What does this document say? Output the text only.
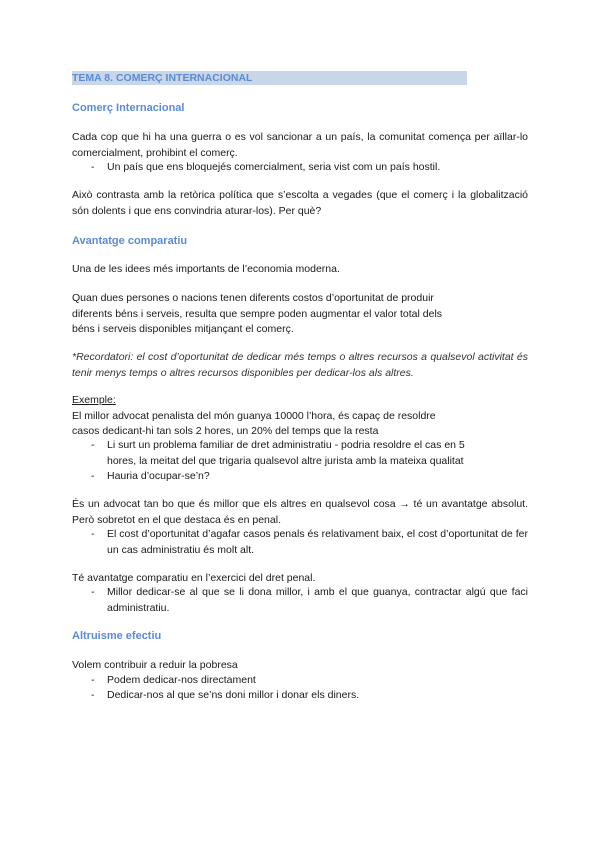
TEMA 8. COMERÇ INTERNACIONAL
Comerç Internacional
Cada cop que hi ha una guerra o es vol sancionar a un país, la comunitat comença per aïllar-lo comercialment, prohibint el comerç.
- Un país que ens bloquejés comercialment, seria vist com un país hostil.
Això contrasta amb la retòrica política que s’escolta a vegades (que el comerç i la globalització són dolents i que ens convindria aturar-los). Per què?
Avantatge comparatiu
Una de les idees més importants de l’economia moderna.
Quan dues persones o nacions tenen diferents costos d’oportunitat de produir
diferents béns i serveis, resulta que sempre poden augmentar el valor total dels
béns i serveis disponibles mitjançant el comerç.
*Recordatori: el cost d’oportunitat de dedicar més temps o altres recursos a qualsevol activitat és tenir menys temps o altres recursos disponibles per dedicar-los als altres.
Exemple:
El millor advocat penalista del món guanya 10000 l’hora, és capaç de resoldre
casos dedicant-hi tan sols 2 hores, un 20% del temps que la resta
- Li surt un problema familiar de dret administratiu - podria resoldre el cas en 5
hores, la meitat del que trigaria qualsevol altre jurista amb la mateixa qualitat
- Hauria d’ocupar-se’n?
És un advocat tan bo que és millor que els altres en qualsevol cosa → té un avantatge absolut. Però sobretot en el que destaca és en penal.
- El cost d’oportunitat d’agafar casos penals és relativament baix, el cost d’oportunitat de fer un cas administratiu és molt alt.
Té avantatge comparatiu en l’exercici del dret penal.
- Millor dedicar-se al que se li dona millor, i amb el que guanya, contractar algú que faci administratiu.
Altruisme efectiu
Volem contribuir a reduir la pobresa
- Podem dedicar-nos directament
- Dedicar-nos al que se’ns doni millor i donar els diners.
